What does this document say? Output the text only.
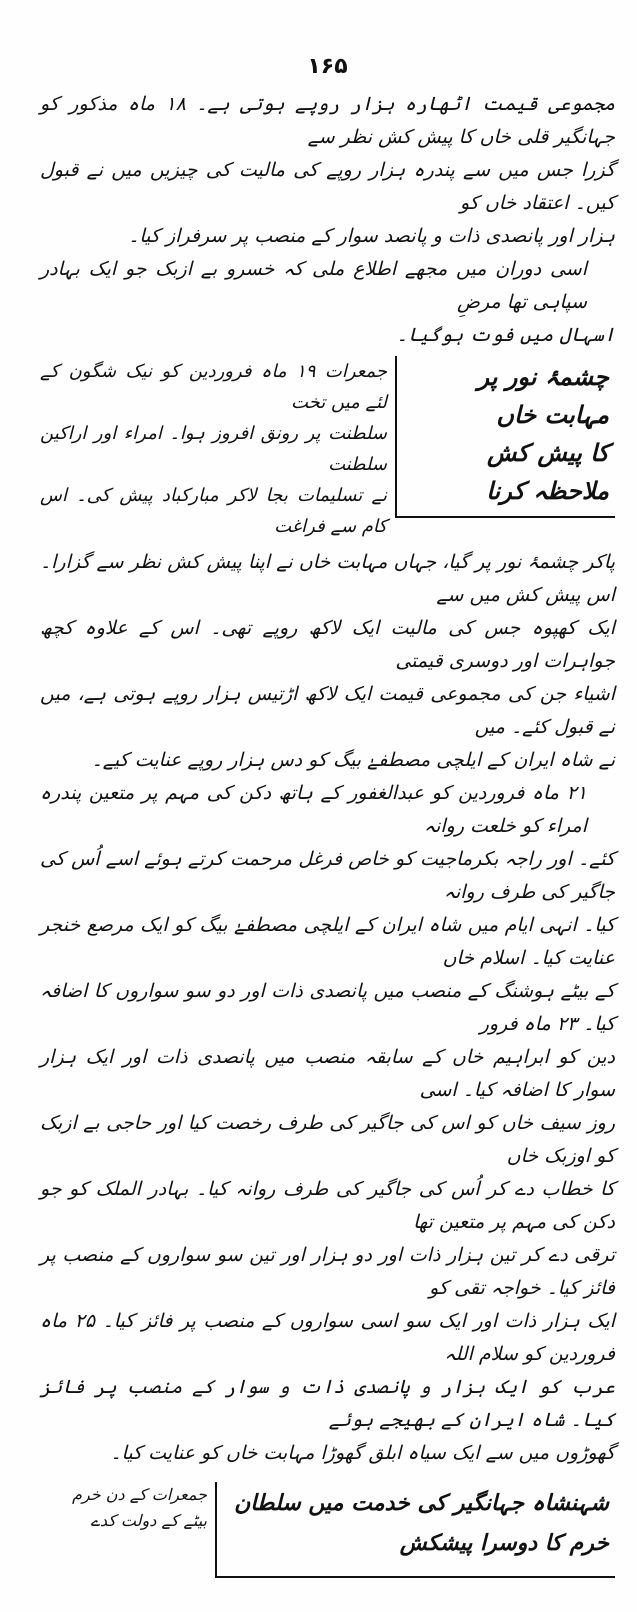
۱۶۵
مجموعی قیمت اٹھارہ ہزار روپے ہوتی ہے۔ ۱۸ ماہ مذکور کو جہانگیر قلی خاں کا پیش کش نظر سے
گزرا جس میں سے پندرہ ہزار روپے کی مالیت کی چیزیں میں نے قبول کیں۔ اعتقاد خاں کو
ہزار اور پانصدی ذات و پانصد سوار کے منصب پر سرفراز کیا۔
اسی دوران میں مجھے اطلاع ملی کہ خسرو بے ازبک جو ایک بہادر سپاہی تھا مرضِ
اسہال میں فوت ہوگیا۔
چشمۂ نور پر مہابت خاں
کا پیش کش ملاحظہ کرنا
جمعرات ۱۹ ماہ فروردین کو نیک شگون کے لئے میں تخت
سلطنت پر رونق افروز ہوا۔ امراء اور اراکین سلطنت
نے تسلیمات بجا لاکر مبارکباد پیش کی۔ اس کام سے فراغت
پاکر چشمۂ نور پر گیا، جہاں مہابت خاں نے اپنا پیش کش نظر سے گزارا۔ اس پیش کش میں سے
ایک کھپوہ جس کی مالیت ایک لاکھ روپے تھی۔ اس کے علاوہ کچھ جواہرات اور دوسری قیمتی
اشیاء جن کی مجموعی قیمت ایک لاکھ اڑتیس ہزار روپے ہوتی ہے، میں نے قبول کئے۔ میں
نے شاہ ایران کے ایلچی مصطفےٰ بیگ کو دس ہزار روپے عنایت کیے۔
۲۱ ماہ فروردین کو عبدالغفور کے ہاتھ دکن کی مہم پر متعین پندرہ امراء کو خلعت روانہ
کئے۔ اور راجہ بکرماجیت کو خاص فرغل مرحمت کرتے ہوئے اسے اُس کی جاگیر کی طرف روانہ
کیا۔ انہی ایام میں شاہ ایران کے ایلچی مصطفےٰ بیگ کو ایک مرصع خنجر عنایت کیا۔ اسلام خاں
کے بیٹے ہوشنگ کے منصب میں پانصدی ذات اور دو سو سواروں کا اضافہ کیا۔ ۲۳ ماہ فرور
دین کو ابراہیم خاں کے سابقہ منصب میں پانصدی ذات اور ایک ہزار سوار کا اضافہ کیا۔ اسی
روز سیف خاں کو اس کی جاگیر کی طرف رخصت کیا اور حاجی بے ازبک کو اوزبک خاں
کا خطاب دے کر اُس کی جاگیر کی طرف روانہ کیا۔ بہادر الملک کو جو دکن کی مہم پر متعین تھا
ترقی دے کر تین ہزار ذات اور دو ہزار اور تین سو سواروں کے منصب پر فائز کیا۔ خواجہ تقی کو
ایک ہزار ذات اور ایک سو اسی سواروں کے منصب پر فائز کیا۔ ۲۵ ماہ فروردین کو سلام اللہ
عرب کو ایک ہزار و پانصدی ذات و سوار کے منصب پر فائز کیا۔ شاہ ایران کے بھیجے ہوئے
گھوڑوں میں سے ایک سیاہ ابلق گھوڑا مہابت خاں کو عنایت کیا۔
شہنشاہ جہانگیر کی خدمت میں سلطان خرم کا دوسرا پیشکش
جمعرات کے دن خرم
بیٹے کے دولت کدے
